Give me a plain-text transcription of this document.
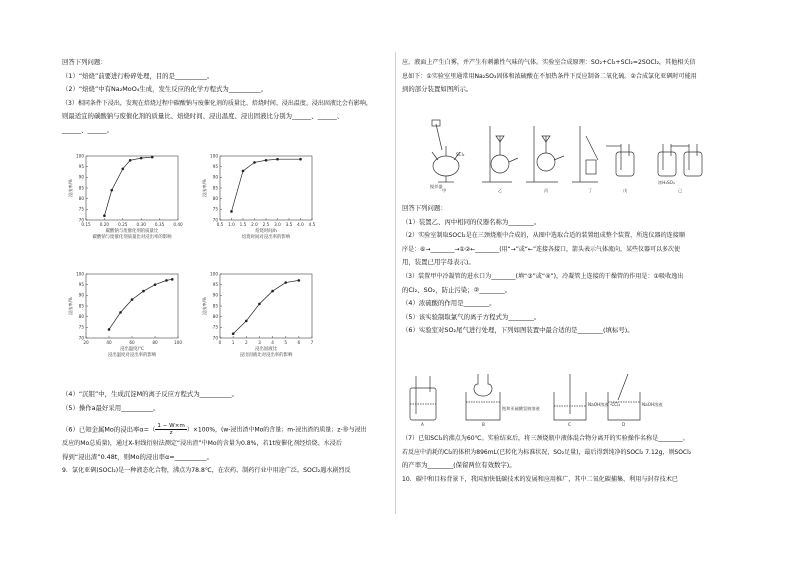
回答下列问题：
（1）“焙烧”前要进行粉碎处理，目的是__________。
（2）“焙烧”中有Na₂MoO₄生成，发生反应的化学方程式为__________。
（3）相同条件下浸出，发现在焙烧过程中碳酸钠与废催化剂的质量比、焙烧时间、浸出温度、浸出固液比会有影响，
则最适宜的碳酸钠与废催化剂的质量比、焙烧时间、浸出温度、浸出固液比分别为______、______、
______、______。
70
75
80
85
90
95
100
0.15 0.20 0.25 0.30 0.35 0.40
浸出率/%
碳酸钠与废催化剂的质量比
碳酸钠与废催化剂质量比对浸出率的影响
70
75
80
85
90
95
100
0.5 1.0 1.5 2.0 2.5 3.0 3.5 4.0 4.5
浸出率/%
焙烧时间/h
焙烧时间对浸出率的影响
70
75
80
85
90
95
100
20	40	60	80	100
浸出率/%
浸出温度/℃
浸出温度对浸出率的影响
70
75
80
85
90
95
100
0 1 2 3 4 5 6 7
浸出率/%
浸出固液比
浸出固液比对浸出率的影响
（4）“沉钼”中，生成沉淀M的离子反应方程式为__________。
（5）操作a最好采用__________。
（6）已知金属Mo的浸出率$\alpha=( \frac{1 - W\times m}{z} )\times 100\%$，(w-浸出渣中Mo的含量；m-浸出渣的质量；z-参与浸出
反应的Mo总质量)，通过X-射线衍射法测定“浸出渣”中Mo的含量为0.8%，若1t废催化剂经焙烧、水浸后
得到“浸出渣”0.48t，则Mo的浸出率α=__________。
9．氯化亚砜(SOCl₂)是一种液态化合物，沸点为78.8℃，在农药、制药行业中用途广泛。SOCl₂遇水剧烈反
应，液面上产生白雾，并产生有刺激性气味的气体。实验室合成原理：SO₂+Cl₂+SCl₂=2SOCl₂，其他相关信
息如下：①实验室里通常用Na₂SO₃固体和浓硫酸在不加热条件下反应制备二氧化硫。②合成氯化亚砜时可能用
到的部分装置如图所示。
甲	乙	丙	丁	戊	己
SCl₂
搅拌器
浓H₂SO₄
回答下列问题：
（1）装置乙、丙中相同的仪器名称为________。
（2）实验室制取SOCl₂是在三颈烧瓶中合成的，从图中选取合适的装置组成整个装置，所选仪器的连接顺
序是：⑥→________→①②←________(用“→”或“←”连接各接口，箭头表示气体流向，某些仪器可以多次使
用，装置已用字母表示)。
（3）装置甲中冷凝管的进水口为________(填“③”或“④”)，冷凝管上连接的干燥管的作用是：①吸收逸出
的Cl₂、SO₂，防止污染；②________。
（4）浓硫酸的作用是________。
（5）该实验制取氯气的离子方程式为________。
（6）实验室对SO₂尾气进行处理，下列如图装置中最合适的是________(填标号)。
饱和亚硫酸氢钠溶液
NaOH溶液 -CCl₄	NaOH溶液
A	B	C	D
（7）已知SCl₂的沸点为60℃。实验结束后，将三颈烧瓶中液体混合物分离开的实验操作名称是________。
若反应中消耗的Cl₂的体积为896mL(已转化为标准状况，SO₂足量)，最后得到纯净的SOCl₂ 7.12g，则SOCl₂
的产率为________(保留两位有效数字)。
10．碳中和目标背景下，我国加快低碳技术的发展和应用推广，其中二氧化碳捕集、利用与封存技术已
